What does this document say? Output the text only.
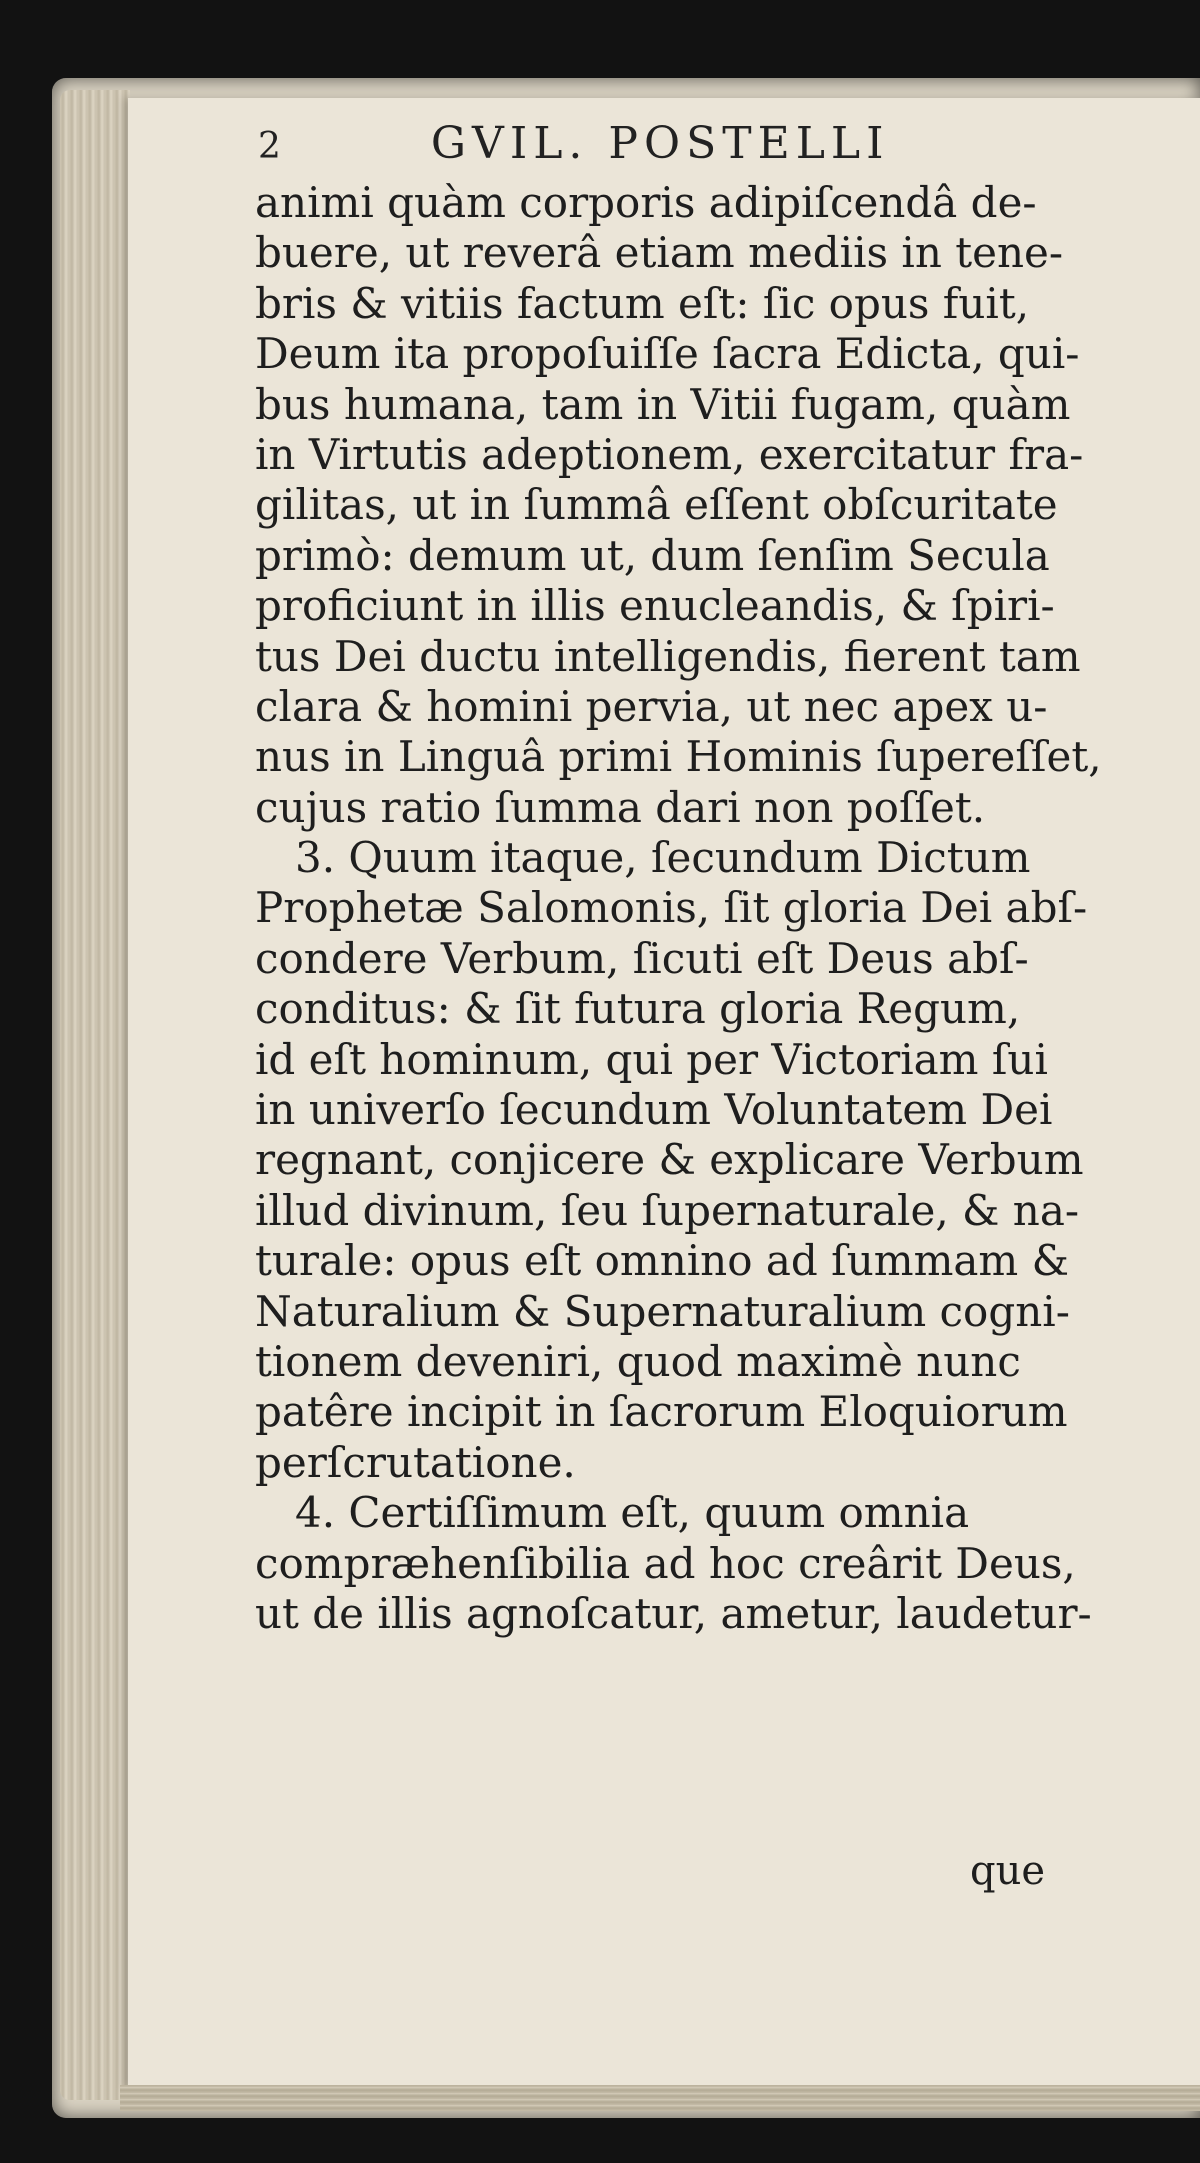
2	GVIL. POSTELLI
animi quàm corporis adipiſcendâ de-
buere, ut reverâ etiam mediis in tene-
bris & vitiis factum eſt: ſic opus fuit,
Deum ita propoſuiſſe ſacra Edicta, qui-
bus humana, tam in Vitii fugam, quàm
in Virtutis adeptionem, exercitatur fra-
gilitas, ut in ſummâ eſſent obſcuritate
primò: demum ut, dum ſenſim Secula
proficiunt in illis enucleandis, & ſpiri-
tus Dei ductu intelligendis, fierent tam
clara & homini pervia, ut nec apex u-
nus in Linguâ primi Hominis ſupereſſet,
cujus ratio ſumma dari non poſſet.
3. Quum itaque, ſecundum Dictum
Prophetæ Salomonis, ſit gloria Dei abſ-
condere Verbum, ſicuti eſt Deus abſ-
conditus: & ſit futura gloria Regum,
id eſt hominum, qui per Victoriam ſui
in univerſo ſecundum Voluntatem Dei
regnant, conjicere & explicare Verbum
illud divinum, ſeu ſupernaturale, & na-
turale: opus eſt omnino ad ſummam &
Naturalium & Supernaturalium cogni-
tionem deveniri, quod maximè nunc
patêre incipit in ſacrorum Eloquiorum
perſcrutatione.
4. Certiſſimum eſt, quum omnia
compræhenſibilia ad hoc creârit Deus,
ut de illis agnoſcatur, ametur, laudetur-
que
